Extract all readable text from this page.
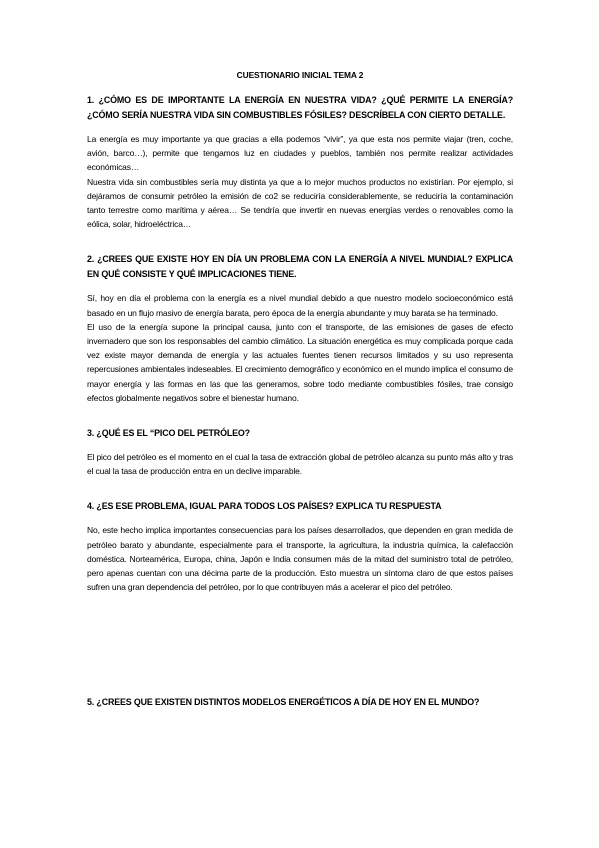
CUESTIONARIO INICIAL TEMA 2
1. ¿CÓMO ES DE IMPORTANTE LA ENERGÍA EN NUESTRA VIDA? ¿QUÉ PERMITE LA ENERGÍA? ¿CÓMO SERÍA NUESTRA VIDA SIN COMBUSTIBLES FÓSILES? DESCRÍBELA CON CIERTO DETALLE.
La energía es muy importante ya que gracias a ella podemos “vivir”, ya que esta nos permite viajar (tren, coche, avión, barco…), permite que tengamos luz en ciudades y pueblos, también nos permite realizar actividades económicas…
Nuestra vida sin combustibles sería muy distinta ya que a lo mejor muchos productos no existirían. Por ejemplo, si dejáramos de consumir petróleo la emisión de co2 se reduciría considerablemente, se reduciría la contaminación tanto terrestre como marítima y aérea… Se tendría que invertir en nuevas energías verdes o renovables como la eólica, solar, hidroeléctrica…
2. ¿CREES QUE EXISTE HOY EN DÍA UN PROBLEMA CON LA ENERGÍA A NIVEL MUNDIAL? EXPLICA EN QUÉ CONSISTE Y QUÉ IMPLICACIONES TIENE.
Sí, hoy en día el problema con la energía es a nivel mundial debido a que nuestro modelo socioeconómico está basado en un flujo masivo de energía barata, pero época de la energía abundante y muy barata se ha terminado.
El uso de la energía supone la principal causa, junto con el transporte, de las emisiones de gases de efecto invernadero que son los responsables del cambio climático. La situación energética es muy complicada porque cada vez existe mayor demanda de energía y las actuales fuentes tienen recursos limitados y su uso representa repercusiones ambientales indeseables. El crecimiento demográfico y económico en el mundo implica el consumo de mayor energía y las formas en las que las generamos, sobre todo mediante combustibles fósiles, trae consigo efectos globalmente negativos sobre el bienestar humano.
3. ¿QUÉ ES EL “PICO DEL PETRÓLEO?
El pico del petróleo es el momento en el cual la tasa de extracción global de petróleo alcanza su punto más alto y tras el cual la tasa de producción entra en un declive imparable.
4. ¿ES ESE PROBLEMA, IGUAL PARA TODOS LOS PAÍSES? EXPLICA TU RESPUESTA
No, este hecho implica importantes consecuencias para los países desarrollados, que dependen en gran medida de petróleo barato y abundante, especialmente para el transporte, la agricultura, la industria química, la calefacción doméstica. Norteamérica, Europa, china, Japón e India consumen más de la mitad del suministro total de petróleo, pero apenas cuentan con una décima parte de la producción. Esto muestra un síntoma claro de que estos países sufren una gran dependencia del petróleo, por lo que contribuyen más a acelerar el pico del petróleo.
5. ¿CREES QUE EXISTEN DISTINTOS MODELOS ENERGÉTICOS A DÍA DE HOY EN EL MUNDO?
